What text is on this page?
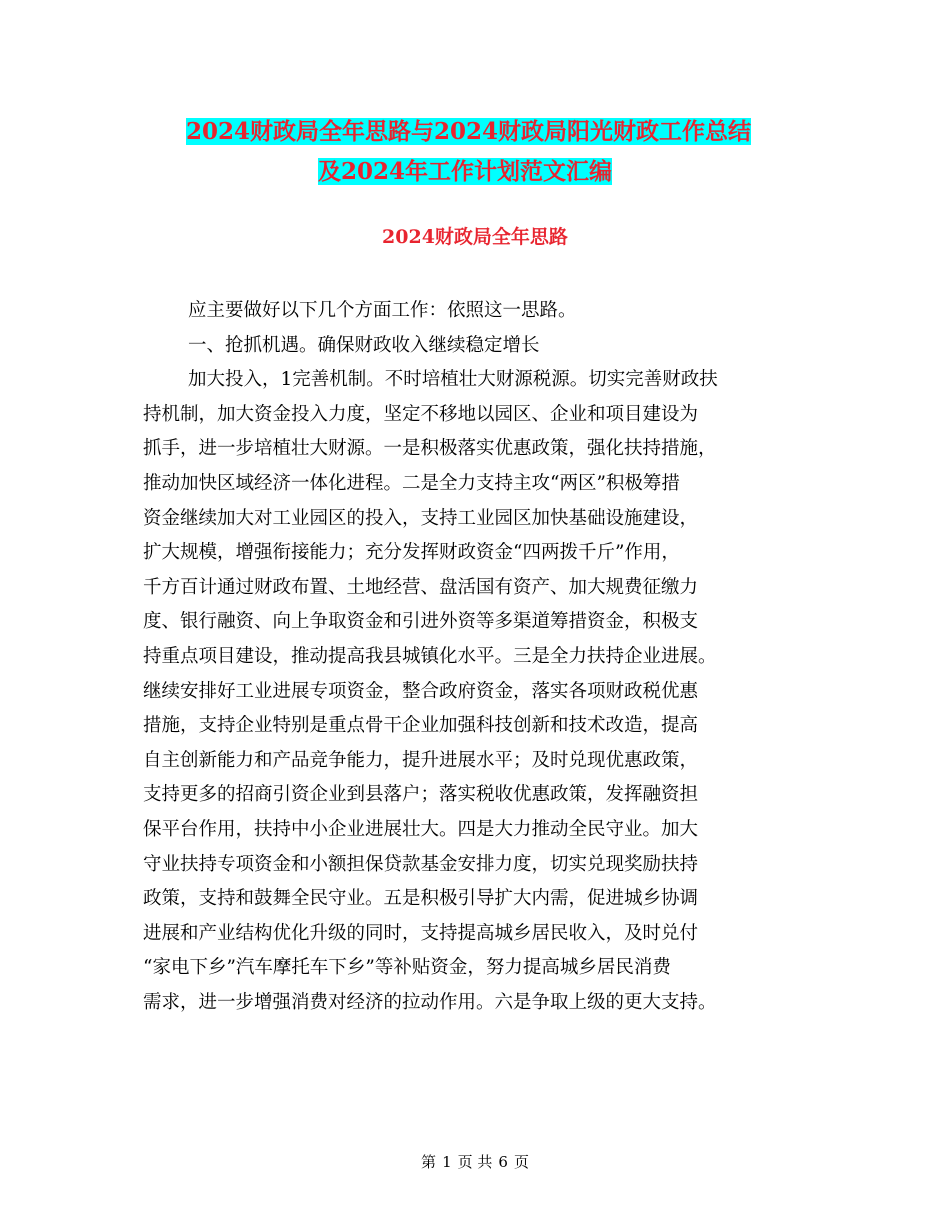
2024财政局全年思路与2024财政局阳光财政工作总结
及2024年工作计划范文汇编
2024财政局全年思路
应主要做好以下几个方面工作：依照这一思路。
一、抢抓机遇。确保财政收入继续稳定增长
加大投入，1完善机制。不时培植壮大财源税源。切实完善财政扶
持机制，加大资金投入力度，坚定不移地以园区、企业和项目建设为
抓手，进一步培植壮大财源。一是积极落实优惠政策，强化扶持措施，
推动加快区域经济一体化进程。二是全力支持主攻“两区”积极筹措
资金继续加大对工业园区的投入，支持工业园区加快基础设施建设，
扩大规模，增强衔接能力；充分发挥财政资金“四两拨千斤”作用，
千方百计通过财政布置、土地经营、盘活国有资产、加大规费征缴力
度、银行融资、向上争取资金和引进外资等多渠道筹措资金，积极支
持重点项目建设，推动提高我县城镇化水平。三是全力扶持企业进展。
继续安排好工业进展专项资金，整合政府资金，落实各项财政税优惠
措施，支持企业特别是重点骨干企业加强科技创新和技术改造，提高
自主创新能力和产品竞争能力，提升进展水平；及时兑现优惠政策，
支持更多的招商引资企业到县落户；落实税收优惠政策，发挥融资担
保平台作用，扶持中小企业进展壮大。四是大力推动全民守业。加大
守业扶持专项资金和小额担保贷款基金安排力度，切实兑现奖励扶持
政策，支持和鼓舞全民守业。五是积极引导扩大内需，促进城乡协调
进展和产业结构优化升级的同时，支持提高城乡居民收入，及时兑付
“家电下乡”汽车摩托车下乡”等补贴资金，努力提高城乡居民消费
需求，进一步增强消费对经济的拉动作用。六是争取上级的更大支持。
第 1 页 共 6 页
